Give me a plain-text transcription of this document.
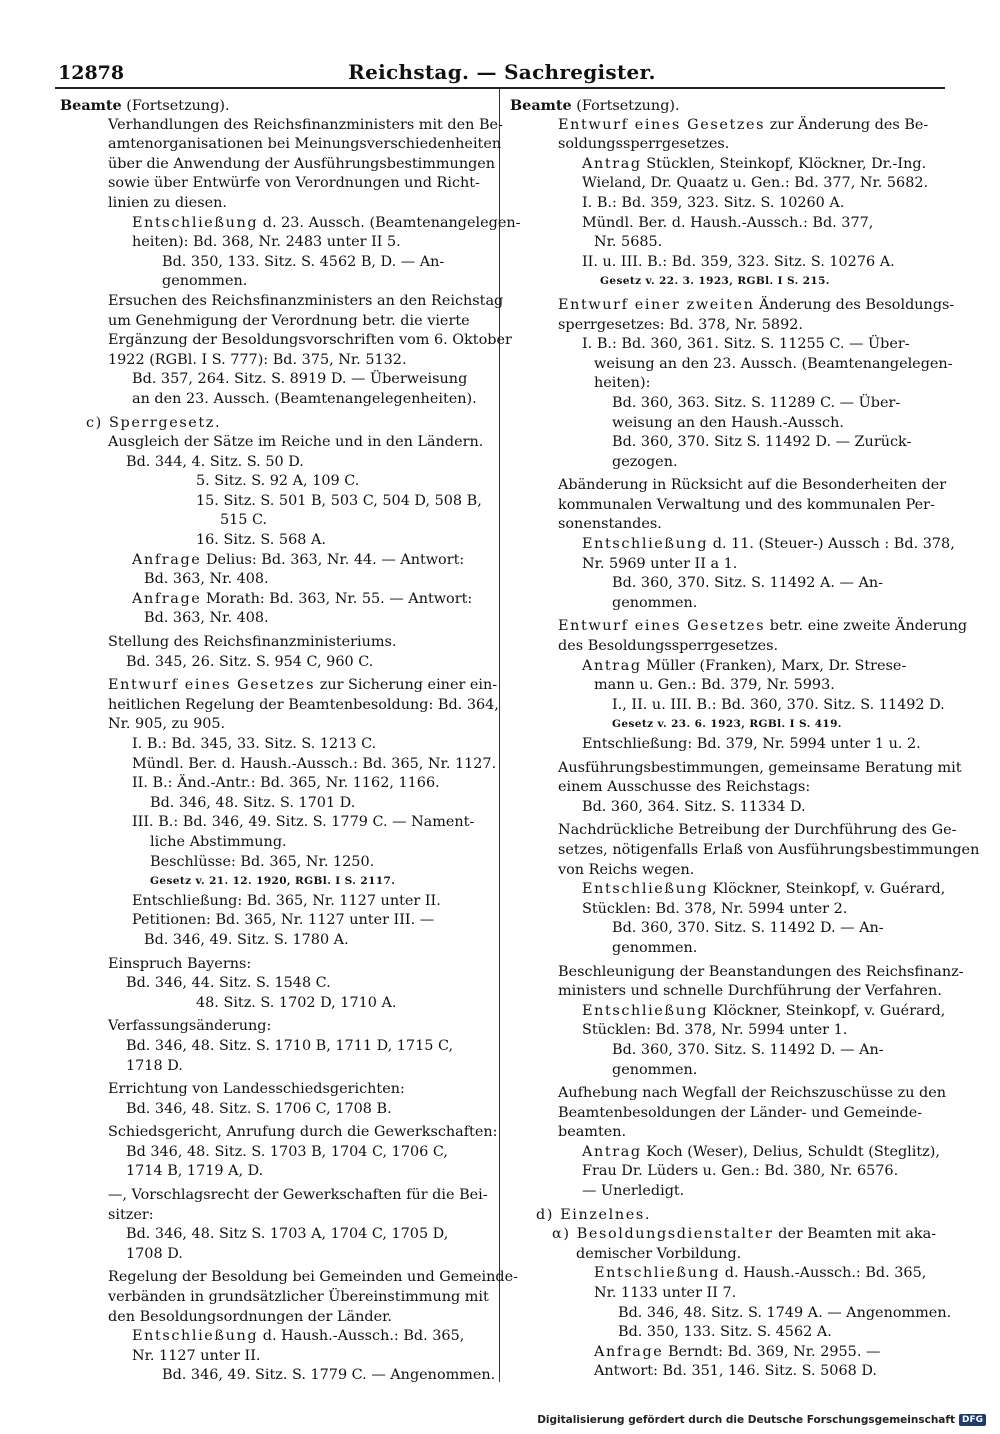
12878	Reichstag. — Sachregister.
Beamte (Fortsetzung).
Verhandlungen des Reichsfinanzministers mit den Be-
amtenorganisationen bei Meinungsverschiedenheiten
über die Anwendung der Ausführungsbestimmungen
sowie über Entwürfe von Verordnungen und Richt-
linien zu diesen.
Entschließung d. 23. Aussch. (Beamtenangelegen-
heiten): Bd. 368, Nr. 2483 unter II 5.
Bd. 350, 133. Sitz. S. 4562 B, D. — An-
genommen.
Ersuchen des Reichsfinanzministers an den Reichstag
um Genehmigung der Verordnung betr. die vierte
Ergänzung der Besoldungsvorschriften vom 6. Oktober
1922 (RGBl. I S. 777): Bd. 375, Nr. 5132.
Bd. 357, 264. Sitz. S. 8919 D. — Überweisung
an den 23. Aussch. (Beamtenangelegenheiten).
c) Sperrgesetz.
Ausgleich der Sätze im Reiche und in den Ländern.
Bd. 344, 4. Sitz. S. 50 D.
5. Sitz. S. 92 A, 109 C.
15. Sitz. S. 501 B, 503 C, 504 D, 508 B,
515 C.
16. Sitz. S. 568 A.
Anfrage Delius: Bd. 363, Nr. 44. — Antwort:
Bd. 363, Nr. 408.
Anfrage Morath: Bd. 363, Nr. 55. — Antwort:
Bd. 363, Nr. 408.
Stellung des Reichsfinanzministeriums.
Bd. 345, 26. Sitz. S. 954 C, 960 C.
Entwurf eines Gesetzes zur Sicherung einer ein-
heitlichen Regelung der Beamtenbesoldung: Bd. 364,
Nr. 905, zu 905.
I. B.: Bd. 345, 33. Sitz. S. 1213 C.
Mündl. Ber. d. Haush.-Aussch.: Bd. 365, Nr. 1127.
II. B.: Änd.-Antr.: Bd. 365, Nr. 1162, 1166.
Bd. 346, 48. Sitz. S. 1701 D.
III. B.: Bd. 346, 49. Sitz. S. 1779 C. — Nament-
liche Abstimmung.
Beschlüsse: Bd. 365, Nr. 1250.
Gesetz v. 21. 12. 1920, RGBl. I S. 2117.
Entschließung: Bd. 365, Nr. 1127 unter II.
Petitionen: Bd. 365, Nr. 1127 unter III. —
Bd. 346, 49. Sitz. S. 1780 A.
Einspruch Bayerns:
Bd. 346, 44. Sitz. S. 1548 C.
48. Sitz. S. 1702 D, 1710 A.
Verfassungsänderung:
Bd. 346, 48. Sitz. S. 1710 B, 1711 D, 1715 C,
1718 D.
Errichtung von Landesschiedsgerichten:
Bd. 346, 48. Sitz. S. 1706 C, 1708 B.
Schiedsgericht, Anrufung durch die Gewerkschaften:
Bd 346, 48. Sitz. S. 1703 B, 1704 C, 1706 C,
1714 B, 1719 A, D.
—, Vorschlagsrecht der Gewerkschaften für die Bei-
sitzer:
Bd. 346, 48. Sitz S. 1703 A, 1704 C, 1705 D,
1708 D.
Regelung der Besoldung bei Gemeinden und Gemeinde-
verbänden in grundsätzlicher Übereinstimmung mit
den Besoldungsordnungen der Länder.
Entschließung d. Haush.-Aussch.: Bd. 365,
Nr. 1127 unter II.
Bd. 346, 49. Sitz. S. 1779 C. — Angenommen.
Beamte (Fortsetzung).
Entwurf eines Gesetzes zur Änderung des Be-
soldungssperrgesetzes.
Antrag Stücklen, Steinkopf, Klöckner, Dr.-Ing.
Wieland, Dr. Quaatz u. Gen.: Bd. 377, Nr. 5682.
I. B.: Bd. 359, 323. Sitz. S. 10260 A.
Mündl. Ber. d. Haush.-Aussch.: Bd. 377,
Nr. 5685.
II. u. III. B.: Bd. 359, 323. Sitz. S. 10276 A.
Gesetz v. 22. 3. 1923, RGBl. I S. 215.
Entwurf einer zweiten Änderung des Besoldungs-
sperrgesetzes: Bd. 378, Nr. 5892.
I. B.: Bd. 360, 361. Sitz. S. 11255 C. — Über-
weisung an den 23. Aussch. (Beamtenangelegen-
heiten):
Bd. 360, 363. Sitz. S. 11289 C. — Über-
weisung an den Haush.-Aussch.
Bd. 360, 370. Sitz S. 11492 D. — Zurück-
gezogen.
Abänderung in Rücksicht auf die Besonderheiten der
kommunalen Verwaltung und des kommunalen Per-
sonenstandes.
Entschließung d. 11. (Steuer-) Aussch : Bd. 378,
Nr. 5969 unter II a 1.
Bd. 360, 370. Sitz. S. 11492 A. — An-
genommen.
Entwurf eines Gesetzes betr. eine zweite Änderung
des Besoldungssperrgesetzes.
Antrag Müller (Franken), Marx, Dr. Strese-
mann u. Gen.: Bd. 379, Nr. 5993.
I., II. u. III. B.: Bd. 360, 370. Sitz. S. 11492 D.
Gesetz v. 23. 6. 1923, RGBl. I S. 419.
Entschließung: Bd. 379, Nr. 5994 unter 1 u. 2.
Ausführungsbestimmungen, gemeinsame Beratung mit
einem Ausschusse des Reichstags:
Bd. 360, 364. Sitz. S. 11334 D.
Nachdrückliche Betreibung der Durchführung des Ge-
setzes, nötigenfalls Erlaß von Ausführungsbestimmungen
von Reichs wegen.
Entschließung Klöckner, Steinkopf, v. Guérard,
Stücklen: Bd. 378, Nr. 5994 unter 2.
Bd. 360, 370. Sitz. S. 11492 D. — An-
genommen.
Beschleunigung der Beanstandungen des Reichsfinanz-
ministers und schnelle Durchführung der Verfahren.
Entschließung Klöckner, Steinkopf, v. Guérard,
Stücklen: Bd. 378, Nr. 5994 unter 1.
Bd. 360, 370. Sitz. S. 11492 D. — An-
genommen.
Aufhebung nach Wegfall der Reichszuschüsse zu den
Beamtenbesoldungen der Länder- und Gemeinde-
beamten.
Antrag Koch (Weser), Delius, Schuldt (Steglitz),
Frau Dr. Lüders u. Gen.: Bd. 380, Nr. 6576.
— Unerledigt.
d) Einzelnes.
α) Besoldungsdienstalter der Beamten mit aka-
demischer Vorbildung.
Entschließung d. Haush.-Aussch.: Bd. 365,
Nr. 1133 unter II 7.
Bd. 346, 48. Sitz. S. 1749 A. — Angenommen.
Bd. 350, 133. Sitz. S. 4562 A.
Anfrage Berndt: Bd. 369, Nr. 2955. —
Antwort: Bd. 351, 146. Sitz. S. 5068 D.
Digitalisierung gefördert durch die Deutsche Forschungsgemeinschaft DFG
